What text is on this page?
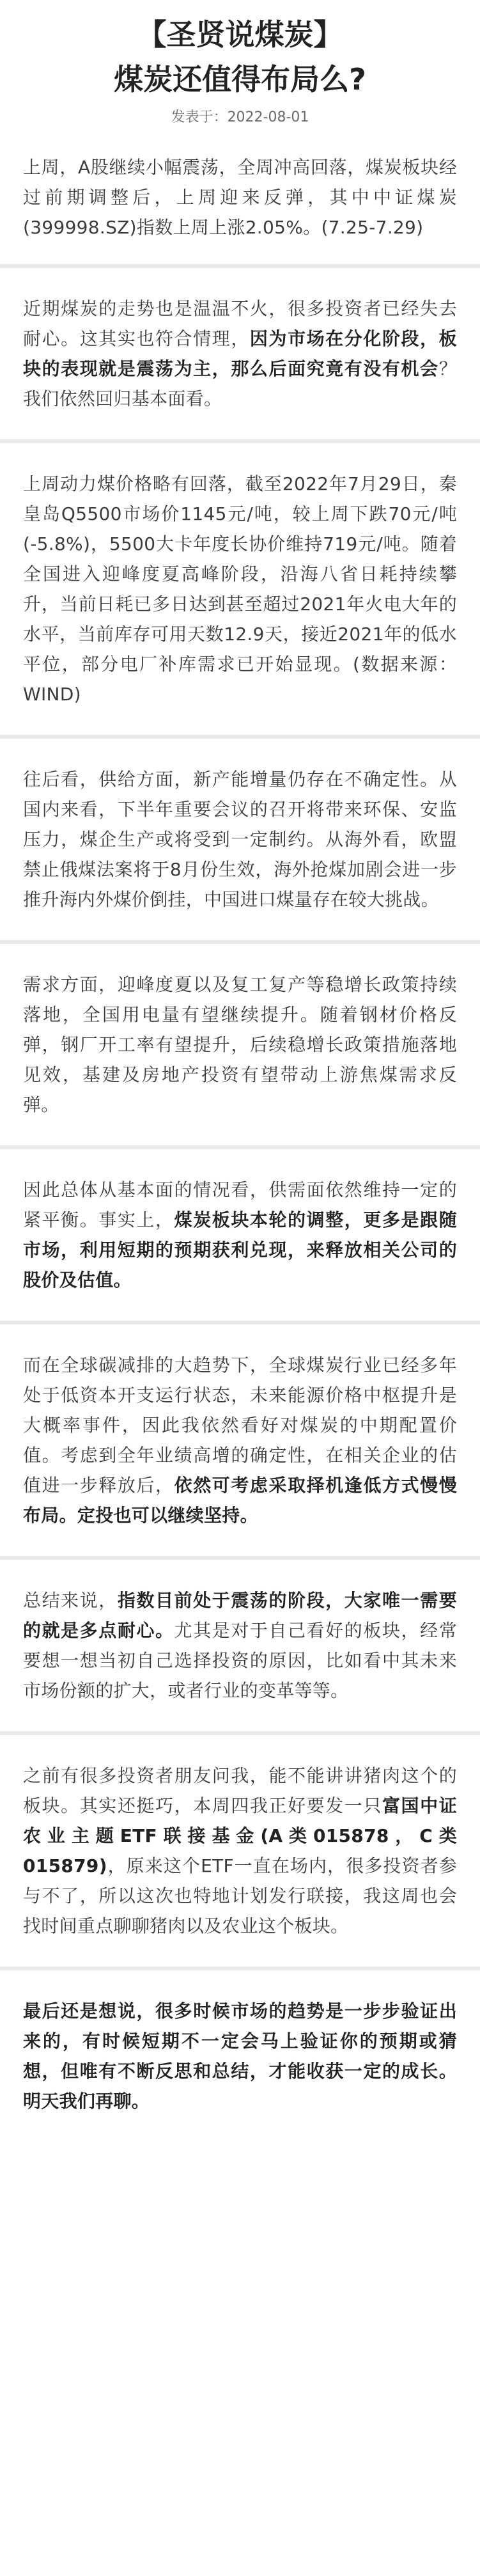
【圣贤说煤炭】
煤炭还值得布局么?
发表于：2022-08-01
上周，A股继续小幅震荡，全周冲高回落，煤炭板块经过前期调整后，上周迎来反弹，其中中证煤炭(399998.SZ)指数上周上涨2.05%。(7.25-7.29)
近期煤炭的走势也是温温不火，很多投资者已经失去耐心。这其实也符合情理，因为市场在分化阶段，板块的表现就是震荡为主，那么后面究竟有没有机会？我们依然回归基本面看。
上周动力煤价格略有回落，截至2022年7月29日，秦皇岛Q5500市场价1145元/吨，较上周下跌70元/吨(-5.8%)，5500大卡年度长协价维持719元/吨。随着全国进入迎峰度夏高峰阶段，沿海八省日耗持续攀升，当前日耗已多日达到甚至超过2021年火电大年的水平，当前库存可用天数12.9天，接近2021年的低水平位，部分电厂补库需求已开始显现。(数据来源：WIND)
往后看，供给方面，新产能增量仍存在不确定性。从国内来看，下半年重要会议的召开将带来环保、安监压力，煤企生产或将受到一定制约。从海外看，欧盟禁止俄煤法案将于8月份生效，海外抢煤加剧会进一步推升海内外煤价倒挂，中国进口煤量存在较大挑战。
需求方面，迎峰度夏以及复工复产等稳增长政策持续落地，全国用电量有望继续提升。随着钢材价格反弹，钢厂开工率有望提升，后续稳增长政策措施落地见效，基建及房地产投资有望带动上游焦煤需求反弹。
因此总体从基本面的情况看，供需面依然维持一定的紧平衡。事实上，煤炭板块本轮的调整，更多是跟随市场，利用短期的预期获利兑现，来释放相关公司的股价及估值。
而在全球碳减排的大趋势下，全球煤炭行业已经多年处于低资本开支运行状态，未来能源价格中枢提升是大概率事件，因此我依然看好对煤炭的中期配置价值。考虑到全年业绩高增的确定性，在相关企业的估值进一步释放后，依然可考虑采取择机逢低方式慢慢布局。定投也可以继续坚持。
总结来说，指数目前处于震荡的阶段，大家唯一需要的就是多点耐心。尤其是对于自己看好的板块，经常要想一想当初自己选择投资的原因，比如看中其未来市场份额的扩大，或者行业的变革等等。
之前有很多投资者朋友问我，能不能讲讲猪肉这个的板块。其实还挺巧，本周四我正好要发一只富国中证农业主题ETF联接基金(A类015878，C类015879)，原来这个ETF一直在场内，很多投资者参与不了，所以这次也特地计划发行联接，我这周也会找时间重点聊聊猪肉以及农业这个板块。
最后还是想说，很多时候市场的趋势是一步步验证出来的，有时候短期不一定会马上验证你的预期或猜想，但唯有不断反思和总结，才能收获一定的成长。明天我们再聊。
